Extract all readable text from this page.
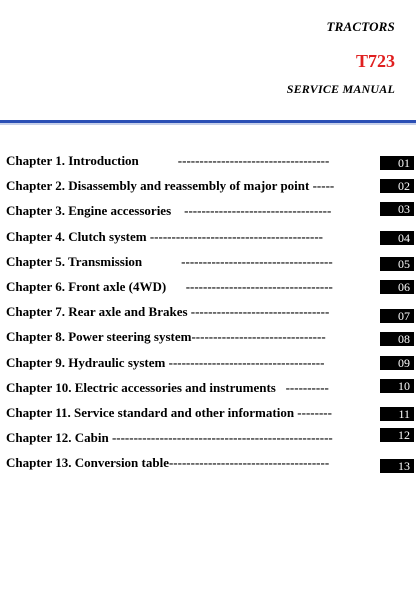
TRACTORS
T723
SERVICE MANUAL
Chapter 1. Introduction            -----------------------------------	01
Chapter 2. Disassembly and reassembly of major point -----	02
Chapter 3. Engine accessories    ----------------------------------	03
Chapter 4. Clutch system ----------------------------------------	04
Chapter 5. Transmission            -----------------------------------	05
Chapter 6. Front axle (4WD)      ----------------------------------	06
Chapter 7. Rear axle and Brakes --------------------------------	07
Chapter 8. Power steering system-------------------------------	08
Chapter 9. Hydraulic system ------------------------------------	09
Chapter 10. Electric accessories and instruments   ----------	10
Chapter 11. Service standard and other information --------	11
Chapter 12. Cabin ---------------------------------------------------	12
Chapter 13. Conversion table-------------------------------------	13
